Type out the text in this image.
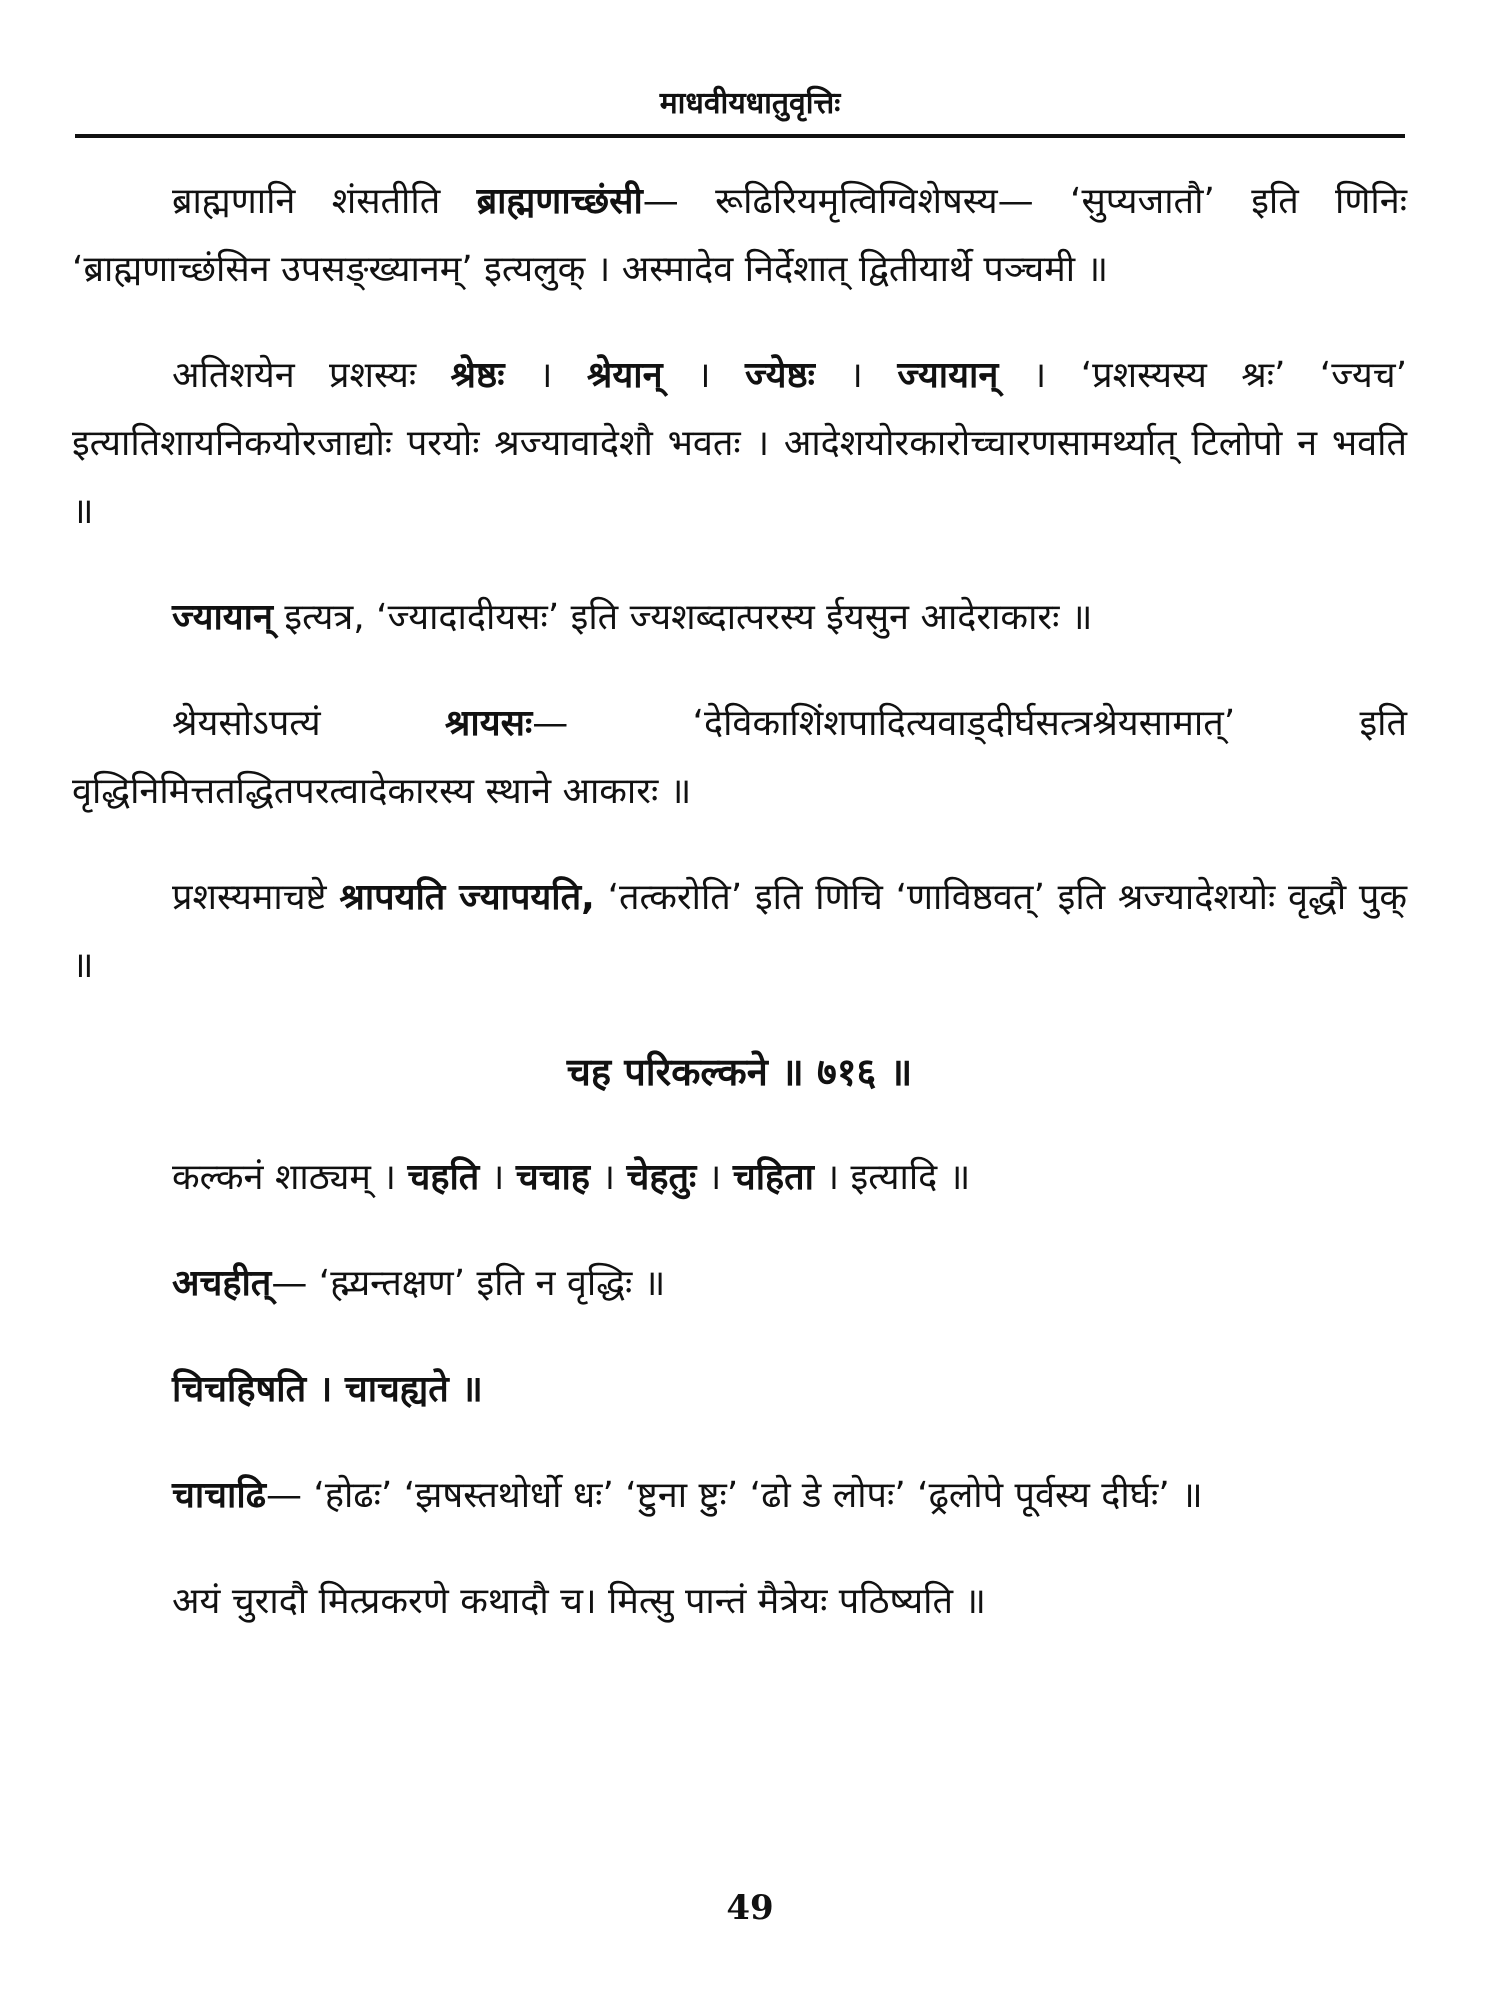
माधवीयधातुवृत्तिः

ब्राह्मणानि शंसतीति ब्राह्मणाच्छंसी— रूढिरियमृत्विग्विशेषस्य— ‘सुप्यजातौ’ इति णिनिः ‘ब्राह्मणाच्छंसिन उपसङ्ख्यानम्’ इत्यलुक् । अस्मादेव निर्देशात् द्वितीयार्थे पञ्चमी ॥

अतिशयेन प्रशस्यः श्रेष्ठः । श्रेयान् । ज्येष्ठः । ज्यायान् । ‘प्रशस्यस्य श्रः’ ‘ज्यच’ इत्यातिशायनिकयोरजाद्योः परयोः श्रज्यावादेशौ भवतः । आदेशयोरकारोच्चारणसामर्थ्यात् टिलोपो न भवति ॥

ज्यायान् इत्यत्र, ‘ज्यादादीयसः’ इति ज्यशब्दात्परस्य ईयसुन आदेराकारः ॥

श्रेयसोऽपत्यं श्रायसः— ‘देविकाशिंशपादित्यवाड्दीर्घसत्त्रश्रेयसामात्’ इति वृद्धिनिमित्ततद्धितपरत्वादेकारस्य स्थाने आकारः ॥

प्रशस्यमाचष्टे श्रापयति ज्यापयति, ‘तत्करोति’ इति णिचि ‘णाविष्ठवत्’ इति श्रज्यादेशयोः वृद्धौ पुक् ॥

चह परिकल्कने ॥ ७१६ ॥

कल्कनं शाठ्यम् । चहति । चचाह । चेहतुः । चहिता । इत्यादि ॥

अचहीत्— ‘ह्म्यन्तक्षण’ इति न वृद्धिः ॥

चिचहिषति । चाचह्यते ॥

चाचाढि— ‘होढः’ ‘झषस्तथोर्धो धः’ ‘ष्टुना ष्टुः’ ‘ढो डे लोपः’ ‘ढ्रलोपे पूर्वस्य दीर्घः’ ॥

अयं चुरादौ मित्प्रकरणे कथादौ च। मित्सु पान्तं मैत्रेयः पठिष्यति ॥

49
